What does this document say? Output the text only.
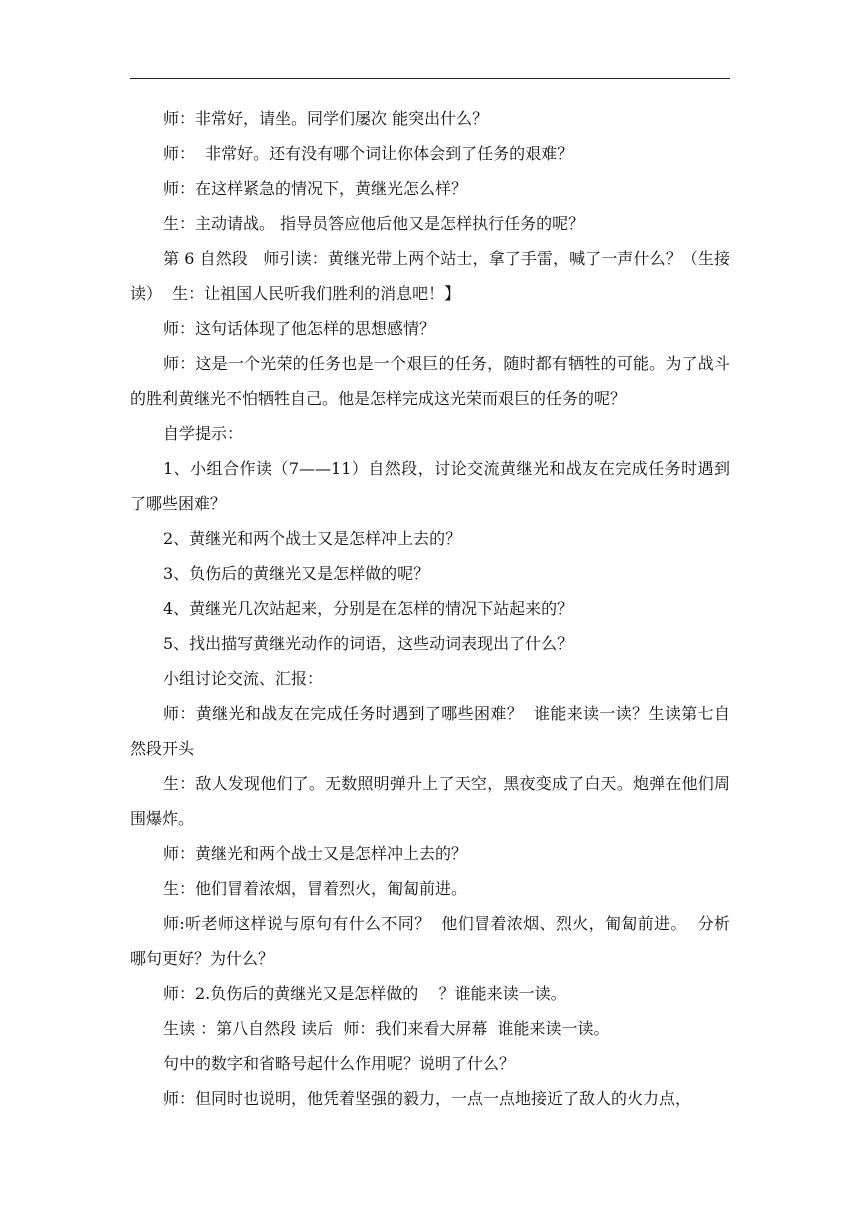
师：非常好，请坐。同学们屡次 能突出什么？

师：  非常好。还有没有哪个词让你体会到了任务的艰难？

师：在这样紧急的情况下，黄继光怎么样？

生：主动请战。 指导员答应他后他又是怎样执行任务的呢？

第 6 自然段   师引读：黄继光带上两个站士，拿了手雷，喊了一声什么？（生接读）  生：让祖国人民听我们胜利的消息吧！】

师：这句话体现了他怎样的思想感情？

师：这是一个光荣的任务也是一个艰巨的任务，随时都有牺牲的可能。为了战斗的胜利黄继光不怕牺牲自己。他是怎样完成这光荣而艰巨的任务的呢？

自学提示：

1、小组合作读（7——11）自然段，讨论交流黄继光和战友在完成任务时遇到了哪些困难？

2、黄继光和两个战士又是怎样冲上去的？

3、负伤后的黄继光又是怎样做的呢？

4、黄继光几次站起来，分别是在怎样的情况下站起来的？

5、找出描写黄继光动作的词语，这些动词表现出了什么？

小组讨论交流、汇报：

师：黄继光和战友在完成任务时遇到了哪些困难？  谁能来读一读？生读第七自然段开头

生：敌人发现他们了。无数照明弹升上了天空，黑夜变成了白天。炮弹在他们周围爆炸。

师：黄继光和两个战士又是怎样冲上去的？

生：他们冒着浓烟，冒着烈火，匍匐前进。

师:听老师这样说与原句有什么不同？  他们冒着浓烟、烈火，匍匐前进。  分析哪句更好？为什么？

师：2.负伤后的黄继光又是怎样做的    ？谁能来读一读。

生读 ：第八自然段 读后  师：我们来看大屏幕  谁能来读一读。

句中的数字和省略号起什么作用呢？说明了什么？

师：但同时也说明，他凭着坚强的毅力，一点一点地接近了敌人的火力点，
